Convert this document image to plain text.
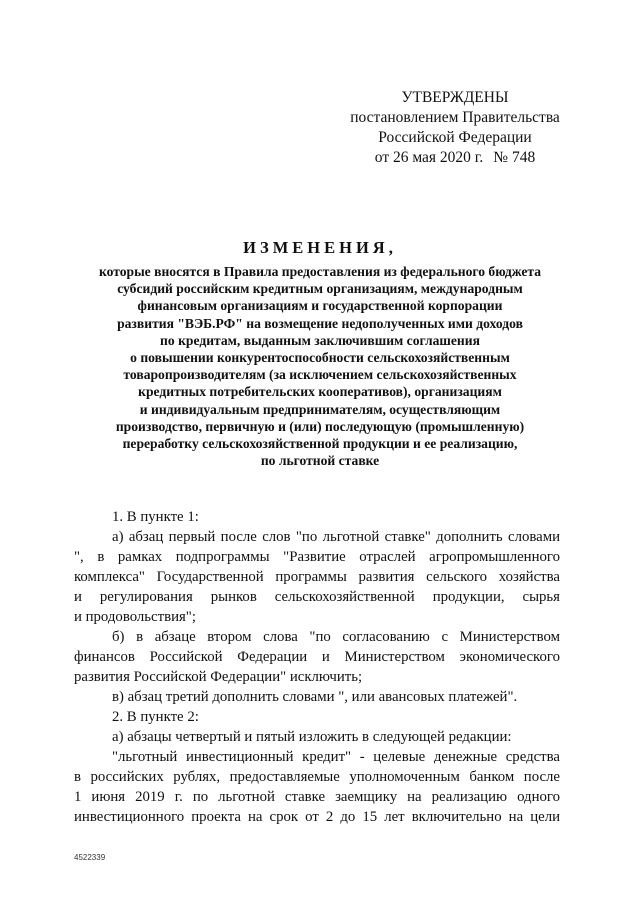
УТВЕРЖДЕНЫ
постановлением Правительства
Российской Федерации
от 26 мая 2020 г. № 748
ИЗМЕНЕНИЯ,
которые вносятся в Правила предоставления из федерального бюджета
субсидий российским кредитным организациям, международным
финансовым организациям и государственной корпорации
развития "ВЭБ.РФ" на возмещение недополученных ими доходов
по кредитам, выданным заключившим соглашения
о повышении конкурентоспособности сельскохозяйственным
товаропроизводителям (за исключением сельскохозяйственных
кредитных потребительских кооперативов), организациям
и индивидуальным предпринимателям, осуществляющим
производство, первичную и (или) последующую (промышленную)
переработку сельскохозяйственной продукции и ее реализацию,
по льготной ставке

1. В пункте 1:

а) абзац первый после слов "по льготной ставке" дополнить словами

", в рамках подпрограммы "Развитие отраслей агропромышленного

комплекса" Государственной программы развития сельского хозяйства

и регулирования рынков сельскохозяйственной продукции, сырья

и продовольствия";

б) в абзаце втором слова "по согласованию с Министерством

финансов Российской Федерации и Министерством экономического

развития Российской Федерации" исключить;

в) абзац третий дополнить словами ", или авансовых платежей".

2. В пункте 2:

а) абзацы четвертый и пятый изложить в следующей редакции:

"льготный инвестиционный кредит" - целевые денежные средства

в российских рублях, предоставляемые уполномоченным банком после

1 июня 2019 г. по льготной ставке заемщику на реализацию одного

инвестиционного проекта на срок от 2 до 15 лет включительно на цели

4522339
